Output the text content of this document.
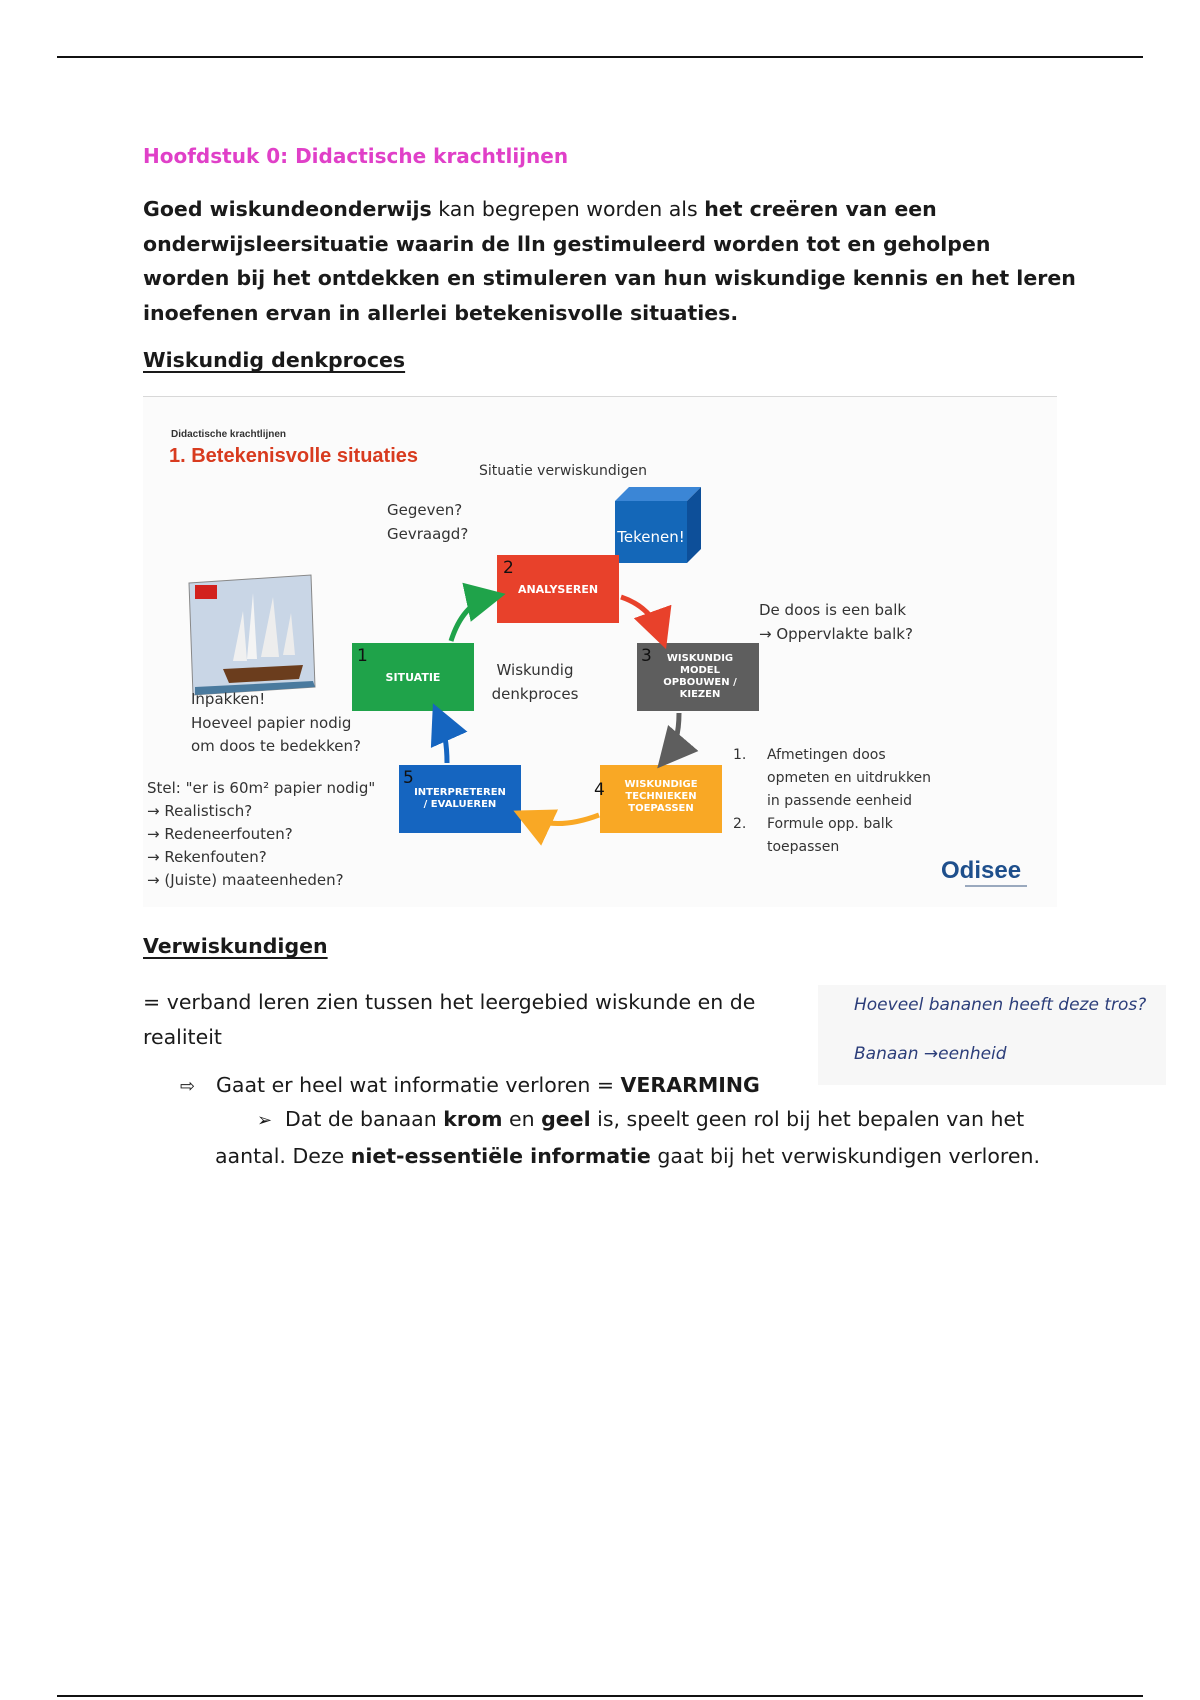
Hoofdstuk 0: Didactische krachtlijnen

Goed wiskundeonderwijs kan begrepen worden als het creëren van een onderwijsleersituatie waarin de lln gestimuleerd worden tot en geholpen worden bij het ontdekken en stimuleren van hun wiskundige kennis en het leren inoefenen ervan in allerlei betekenisvolle situaties.

Wiskundig denkproces
Didactische krachtlijnen
1. Betekenisvolle situaties
Situatie verwiskundigen
Gegeven?
Gevraagd?	Tekenen!
Wiskundig
denkproces
1
SITUATIE
2
ANALYSEREN
3 WISKUNDIG
MODEL
OPBOUWEN /
KIEZEN
4 WISKUNDIGE
TECHNIEKEN
TOEPASSEN
5
INTERPRETEREN
/ EVALUEREN
De doos is een balk
→ Oppervlakte balk?
Inpakken!
Hoeveel papier nodig
om doos te bedekken?
Stel: "er is 60m² papier nodig"
→ Realistisch?
→ Redeneerfouten?
→ Rekenfouten?
→ (Juiste) maateenheden?
1. Afmetingen doos
opmeten en uitdrukken
in passende eenheid
2. Formule opp. balk
toepassen
Odisee
Verwiskundigen

= verband leren zien tussen het leergebied wiskunde en de realiteit

Hoeveel bananen heeft deze tros?

Banaan →eenheid

⇨ Gaat er heel wat informatie verloren = VERARMING

➢ Dat de banaan krom en geel is, speelt geen rol bij het bepalen van het aantal. Deze niet-essentiële informatie gaat bij het verwiskundigen verloren.
